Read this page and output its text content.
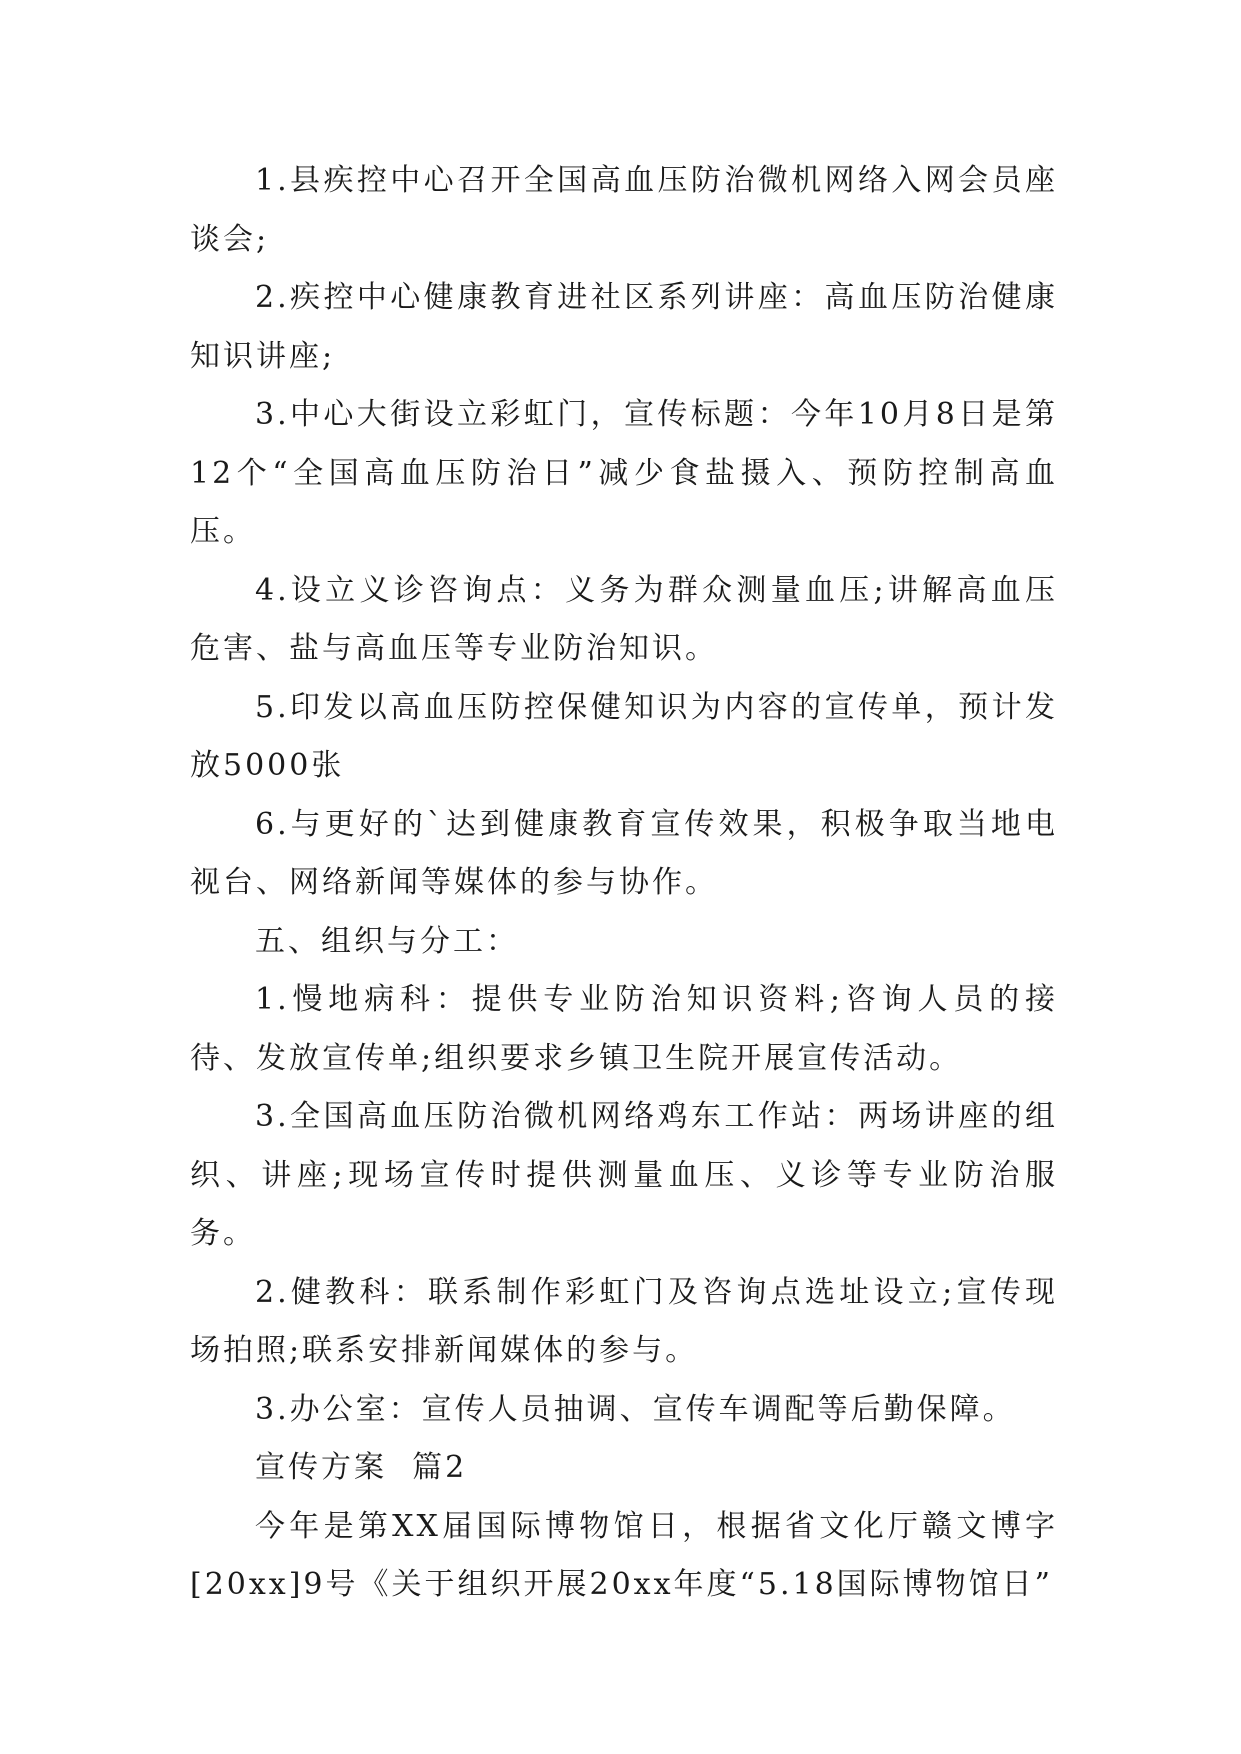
1.县疾控中心召开全国高血压防治微机网络入网会员座谈会;

2.疾控中心健康教育进社区系列讲座：高血压防治健康知识讲座;

3.中心大街设立彩虹门，宣传标题：今年10月8日是第12个“全国高血压防治日”减少食盐摄入、预防控制高血压。

4.设立义诊咨询点：义务为群众测量血压;讲解高血压危害、盐与高血压等专业防治知识。

5.印发以高血压防控保健知识为内容的宣传单，预计发放5000张

6.与更好的`达到健康教育宣传效果，积极争取当地电视台、网络新闻等媒体的参与协作。

五、组织与分工：

1.慢地病科：提供专业防治知识资料;咨询人员的接待、发放宣传单;组织要求乡镇卫生院开展宣传活动。

3.全国高血压防治微机网络鸡东工作站：两场讲座的组织、讲座;现场宣传时提供测量血压、义诊等专业防治服务。

2.健教科：联系制作彩虹门及咨询点选址设立;宣传现场拍照;联系安排新闻媒体的参与。

3.办公室：宣传人员抽调、宣传车调配等后勤保障。

宣传方案  篇2

今年是第XX届国际博物馆日，根据省文化厅赣文博字[20xx]9号《关于组织开展20xx年度“5.18国际博物馆日”
